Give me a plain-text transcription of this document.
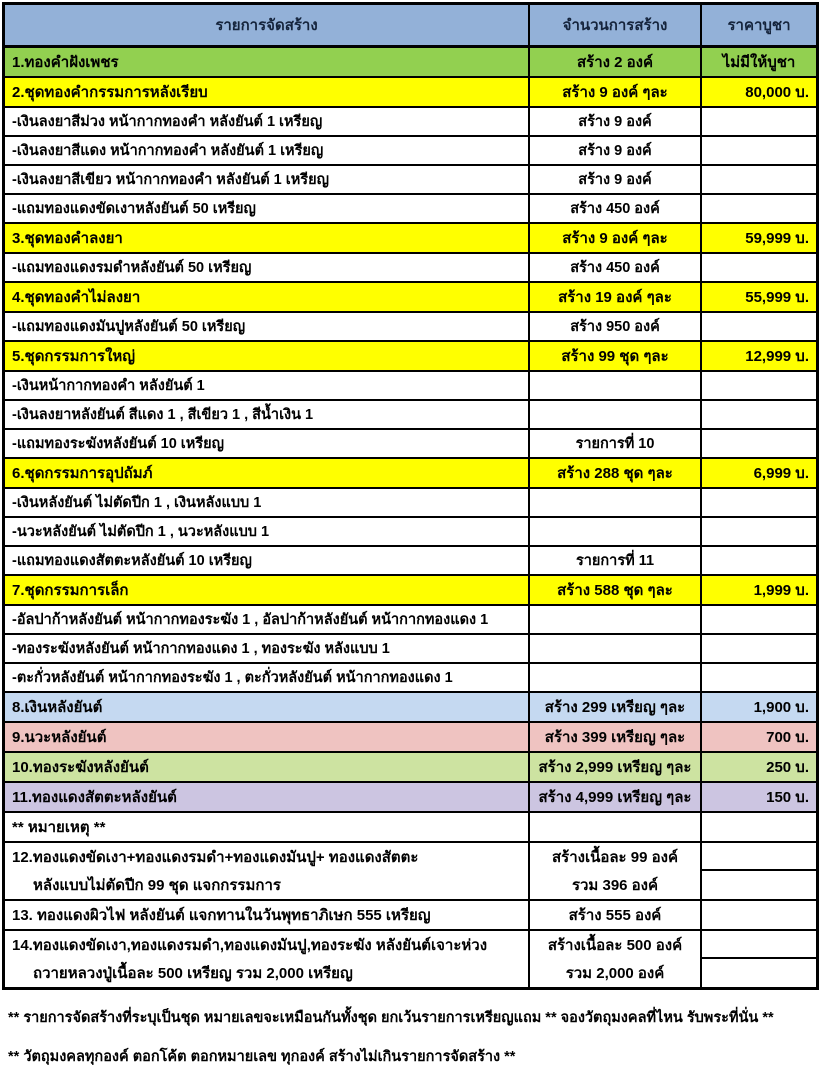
รายการจัดสร้าง	จำนวนการสร้าง	ราคาบูชา
1.ทองคำฝังเพชร	สร้าง 2 องค์	ไม่มีให้บูชา
2.ชุดทองคำกรรมการหลังเรียบ	สร้าง 9 องค์ ๆละ	80,000 บ.
-เงินลงยาสีม่วง หน้ากากทองคำ หลังยันต์ 1 เหรียญ	สร้าง 9 องค์	
-เงินลงยาสีแดง หน้ากากทองคำ หลังยันต์ 1 เหรียญ	สร้าง 9 องค์	
-เงินลงยาสีเขียว หน้ากากทองคำ หลังยันต์ 1 เหรียญ	สร้าง 9 องค์	
-แถมทองแดงขัดเงาหลังยันต์ 50 เหรียญ	สร้าง 450 องค์	
3.ชุดทองคำลงยา	สร้าง 9 องค์ ๆละ	59,999 บ.
-แถมทองแดงรมดำหลังยันต์ 50 เหรียญ	สร้าง 450 องค์	
4.ชุดทองคำไม่ลงยา	สร้าง 19 องค์ ๆละ	55,999 บ.
-แถมทองแดงมันปูหลังยันต์ 50 เหรียญ	สร้าง 950 องค์	
5.ชุดกรรมการใหญ่	สร้าง 99 ชุด ๆละ	12,999 บ.
-เงินหน้ากากทองคำ หลังยันต์ 1		
-เงินลงยาหลังยันต์ สีแดง 1 , สีเขียว 1 , สีน้ำเงิน 1		
-แถมทองระฆังหลังยันต์ 10 เหรียญ	รายการที่ 10	
6.ชุดกรรมการอุปถัมภ์	สร้าง 288 ชุด ๆละ	6,999 บ.
-เงินหลังยันต์ ไม่ตัดปีก 1 , เงินหลังแบบ 1		
-นวะหลังยันต์ ไม่ตัดปีก 1 , นวะหลังแบบ 1		
-แถมทองแดงสัตตะหลังยันต์ 10 เหรียญ	รายการที่ 11	
7.ชุดกรรมการเล็ก	สร้าง 588 ชุด ๆละ	1,999 บ.
-อัลปาก้าหลังยันต์ หน้ากากทองระฆัง 1 , อัลปาก้าหลังยันต์ หน้ากากทองแดง 1		
-ทองระฆังหลังยันต์ หน้ากากทองแดง 1 , ทองระฆัง หลังแบบ 1		
-ตะกั่วหลังยันต์ หน้ากากทองระฆัง 1 , ตะกั่วหลังยันต์ หน้ากากทองแดง 1		
8.เงินหลังยันต์	สร้าง 299 เหรียญ ๆละ	1,900 บ.
9.นวะหลังยันต์	สร้าง 399 เหรียญ ๆละ	700 บ.
10.ทองระฆังหลังยันต์	สร้าง 2,999 เหรียญ ๆละ	250 บ.
11.ทองแดงสัตตะหลังยันต์	สร้าง 4,999 เหรียญ ๆละ	150 บ.
** หมายเหตุ **		
12.ทองแดงขัดเงา+ทองแดงรมดำ+ทองแดงมันปู+ ทองแดงสัตตะ	สร้างเนื้อละ 99 องค์	
หลังแบบไม่ตัดปีก 99 ชุด แจกกรรมการ	รวม 396 องค์	
13. ทองแดงผิวไฟ หลังยันต์ แจกทานในวันพุทธาภิเษก 555 เหรียญ	สร้าง 555 องค์	
14.ทองแดงขัดเงา,ทองแดงรมดำ,ทองแดงมันปู,ทองระฆัง หลังยันต์เจาะห่วง	สร้างเนื้อละ 500 องค์	
ถวายหลวงปู่เนื้อละ 500 เหรียญ รวม 2,000 เหรียญ	รวม 2,000 องค์	
** รายการจัดสร้างที่ระบุเป็นชุด หมายเลขจะเหมือนกันทั้งชุด ยกเว้นรายการเหรียญแถม ** จองวัตถุมงคลที่ไหน รับพระที่นั่น **
** วัตถุมงคลทุกองค์ ตอกโค้ต ตอกหมายเลข ทุกองค์ สร้างไม่เกินรายการจัดสร้าง **
